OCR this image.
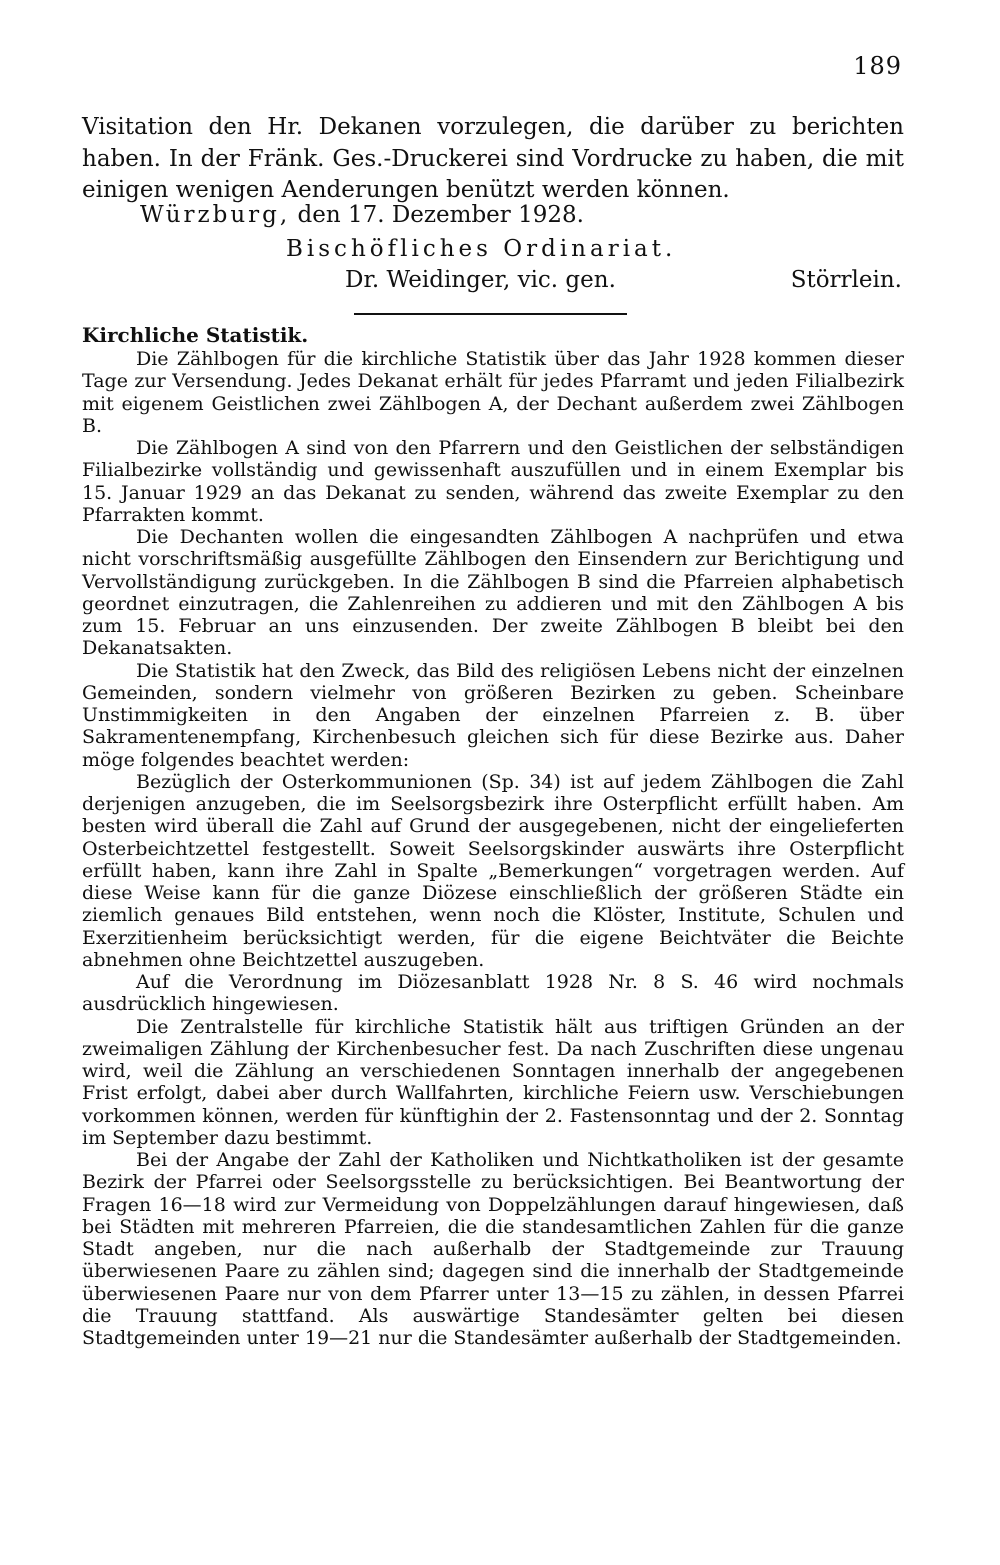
189
Visitation den Hr. Dekanen vorzulegen, die darüber zu berichten haben. In der Fränk. Ges.-Druckerei sind Vordrucke zu haben, die mit einigen wenigen Aenderungen benützt werden können.
Würzburg, den 17. Dezember 1928.
Bischöfliches Ordinariat.
Dr. Weidinger, vic. gen.	Störrlein.
Kirchliche Statistik.

Die Zählbogen für die kirchliche Statistik über das Jahr 1928 kommen dieser Tage zur Versendung. Jedes Dekanat erhält für jedes Pfarramt und jeden Filialbezirk mit eigenem Geistlichen zwei Zählbogen A, der Dechant außerdem zwei Zählbogen B.

Die Zählbogen A sind von den Pfarrern und den Geistlichen der selbständigen Filialbezirke vollständig und gewissenhaft auszufüllen und in einem Exemplar bis 15. Januar 1929 an das Dekanat zu senden, während das zweite Exemplar zu den Pfarrakten kommt.

Die Dechanten wollen die eingesandten Zählbogen A nachprüfen und etwa nicht vorschriftsmäßig ausgefüllte Zählbogen den Einsendern zur Berichtigung und Vervollständigung zurückgeben. In die Zählbogen B sind die Pfarreien alphabetisch geordnet einzutragen, die Zahlenreihen zu addieren und mit den Zählbogen A bis zum 15. Februar an uns einzusenden. Der zweite Zählbogen B bleibt bei den Dekanatsakten.

Die Statistik hat den Zweck, das Bild des religiösen Lebens nicht der einzelnen Gemeinden, sondern vielmehr von größeren Bezirken zu geben. Scheinbare Unstimmigkeiten in den Angaben der einzelnen Pfarreien z. B. über Sakramentenempfang, Kirchenbesuch gleichen sich für diese Bezirke aus. Daher möge folgendes beachtet werden:

Bezüglich der Osterkommunionen (Sp. 34) ist auf jedem Zählbogen die Zahl derjenigen anzugeben, die im Seelsorgsbezirk ihre Osterpflicht erfüllt haben. Am besten wird überall die Zahl auf Grund der ausgegebenen, nicht der eingelieferten Osterbeichtzettel festgestellt. Soweit Seelsorgskinder auswärts ihre Osterpflicht erfüllt haben, kann ihre Zahl in Spalte „Bemerkungen“ vorgetragen werden. Auf diese Weise kann für die ganze Diözese einschließlich der größeren Städte ein ziemlich genaues Bild entstehen, wenn noch die Klöster, Institute, Schulen und Exerzitienheim berücksichtigt werden, für die eigene Beichtväter die Beichte abnehmen ohne Beichtzettel auszugeben.

Auf die Verordnung im Diözesanblatt 1928 Nr. 8 S. 46 wird nochmals ausdrücklich hingewiesen.

Die Zentralstelle für kirchliche Statistik hält aus triftigen Gründen an der zweimaligen Zählung der Kirchenbesucher fest. Da nach Zuschriften diese ungenau wird, weil die Zählung an verschiedenen Sonntagen innerhalb der angegebenen Frist erfolgt, dabei aber durch Wallfahrten, kirchliche Feiern usw. Verschiebungen vorkommen können, werden für künftighin der 2. Fastensonntag und der 2. Sonntag im September dazu bestimmt.

Bei der Angabe der Zahl der Katholiken und Nichtkatholiken ist der gesamte Bezirk der Pfarrei oder Seelsorgsstelle zu berücksichtigen. Bei Beantwortung der Fragen 16—18 wird zur Vermeidung von Doppelzählungen darauf hingewiesen, daß bei Städten mit mehreren Pfarreien, die die standesamtlichen Zahlen für die ganze Stadt angeben, nur die nach außerhalb der Stadtgemeinde zur Trauung überwiesenen Paare zu zählen sind; dagegen sind die innerhalb der Stadtgemeinde überwiesenen Paare nur von dem Pfarrer unter 13—15 zu zählen, in dessen Pfarrei die Trauung stattfand. Als auswärtige Standesämter gelten bei diesen Stadtgemeinden unter 19—21 nur die Standesämter außerhalb der Stadtgemeinden.
